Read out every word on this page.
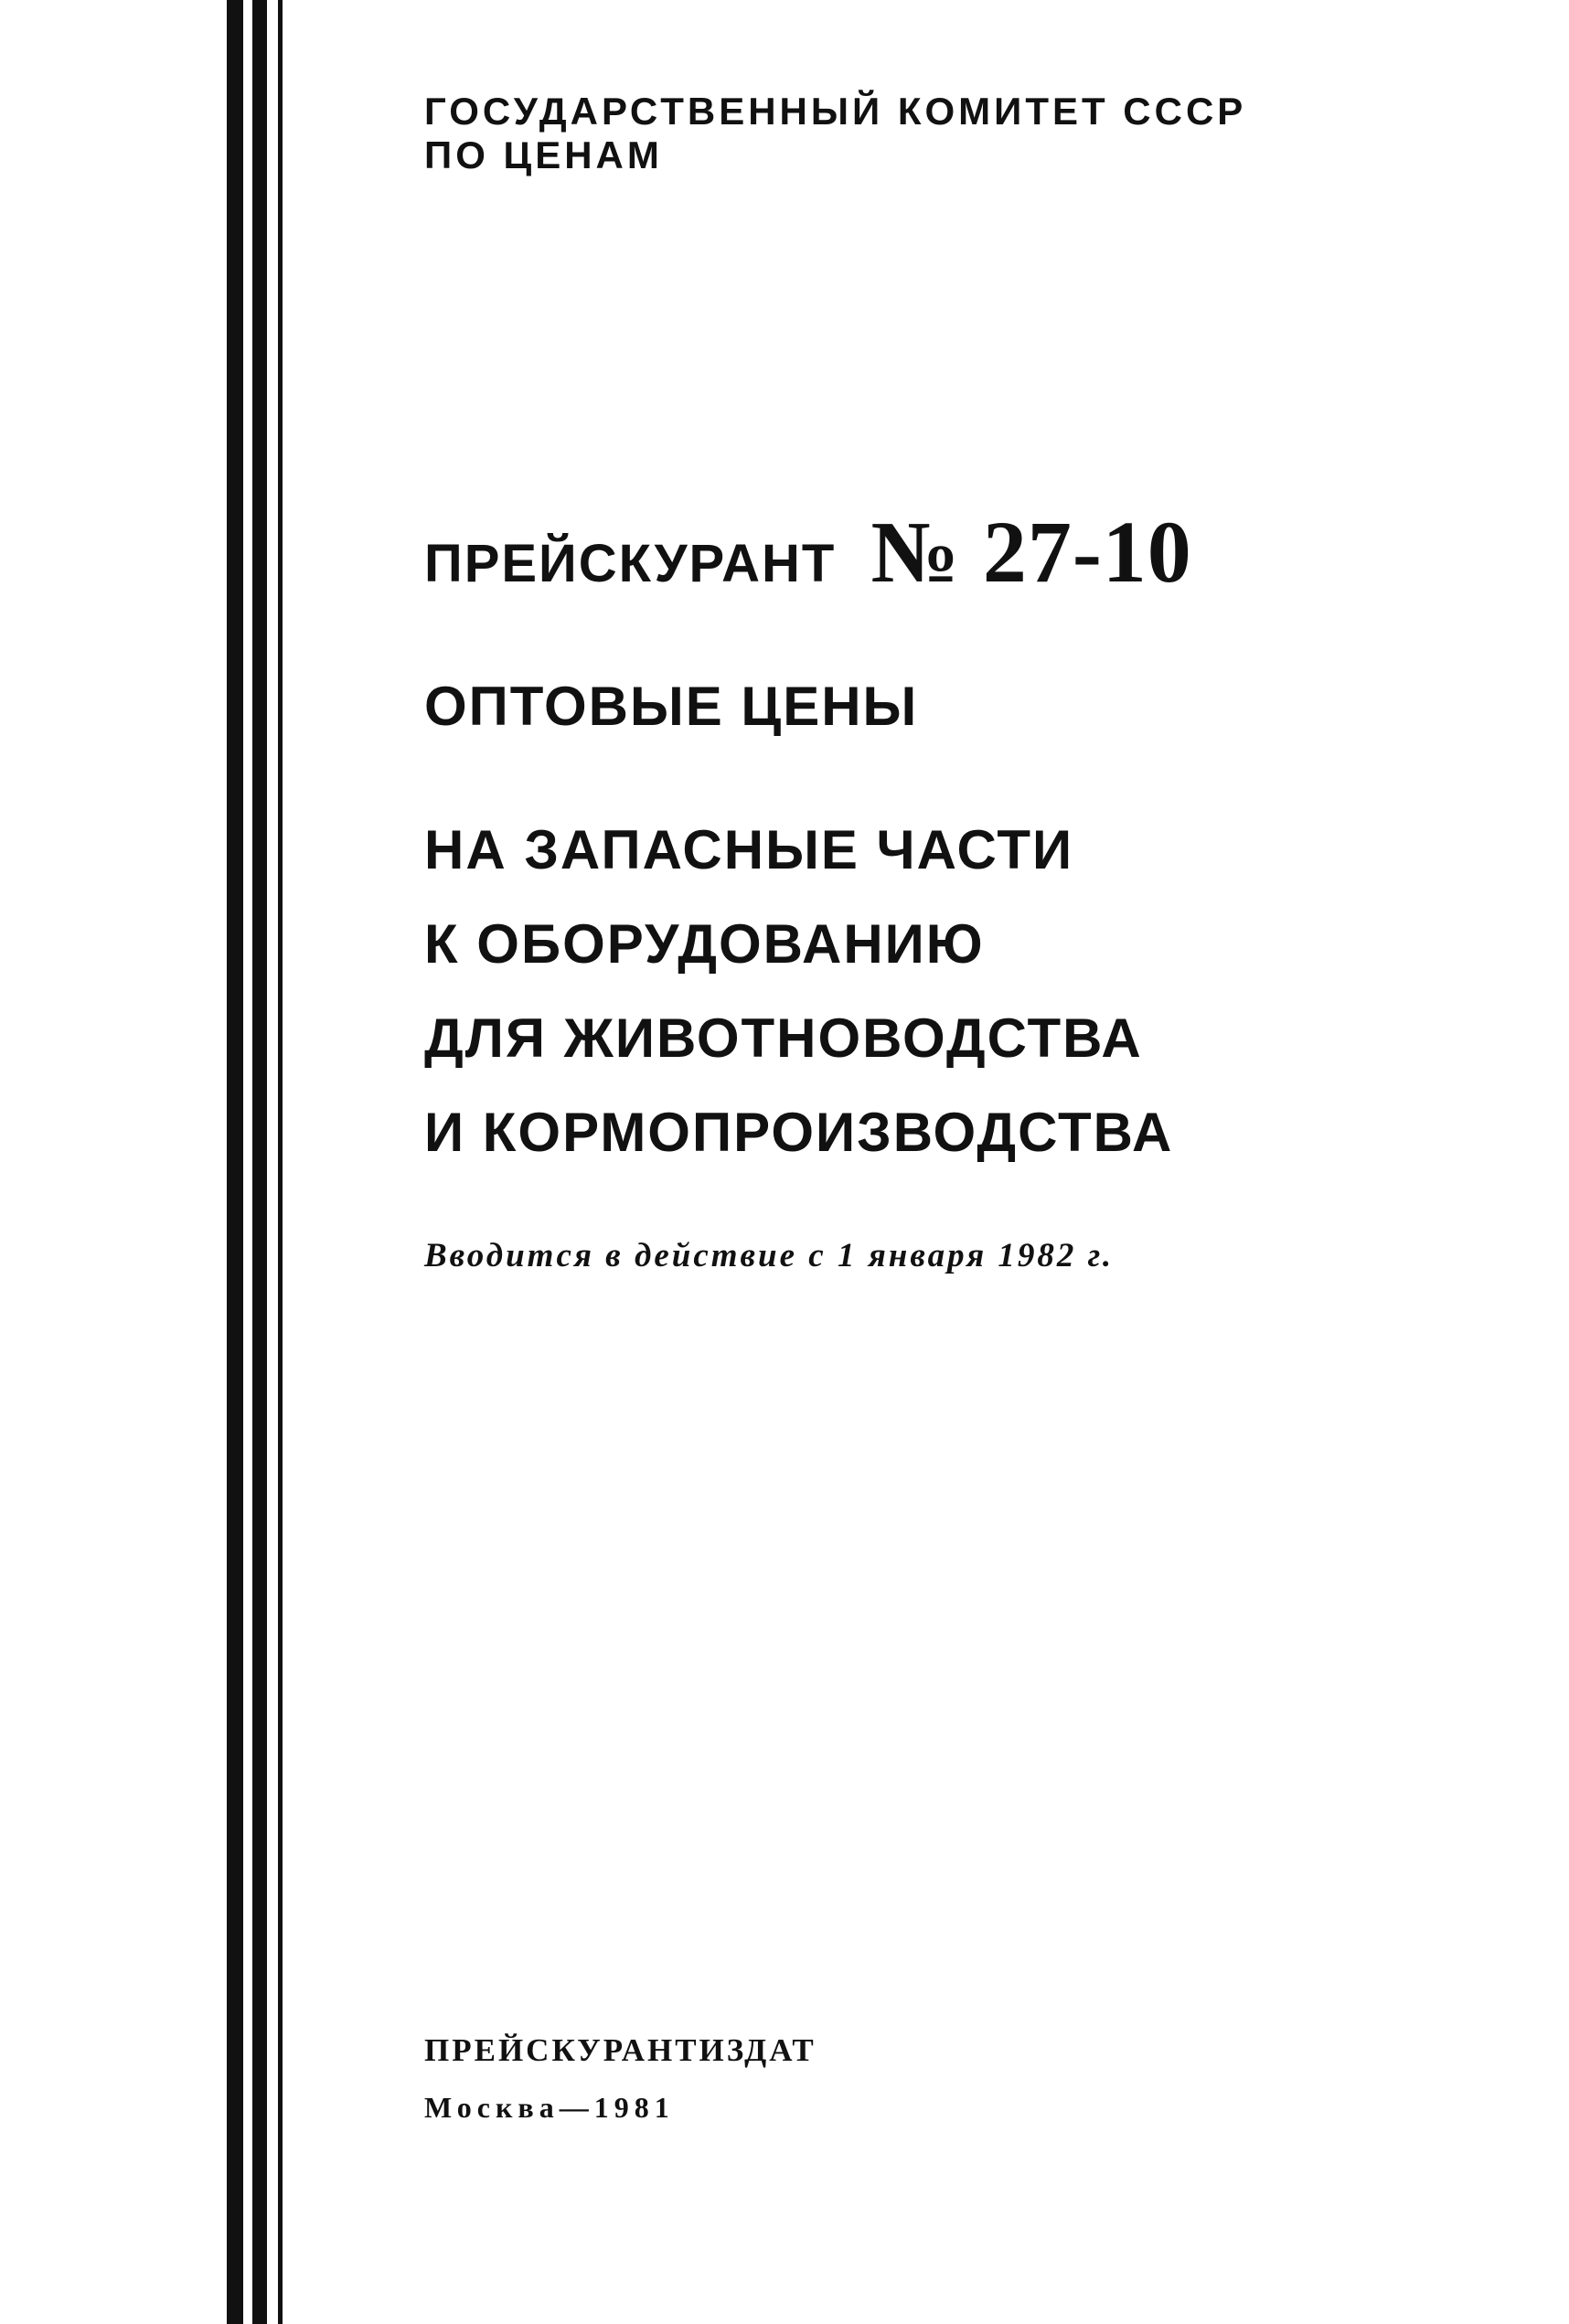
ГОСУДАРСТВЕННЫЙ КОМИТЕТ СССР
ПО ЦЕНАМ
ПРЕЙСКУРАНТ № 27-10
ОПТОВЫЕ ЦЕНЫ
НА ЗАПАСНЫЕ ЧАСТИ
К ОБОРУДОВАНИЮ
ДЛЯ ЖИВОТНОВОДСТВА
И КОРМОПРОИЗВОДСТВА
Вводится в действие с 1 января 1982 г.
ПРЕЙСКУРАНТИЗДАТ
Москва—1981
